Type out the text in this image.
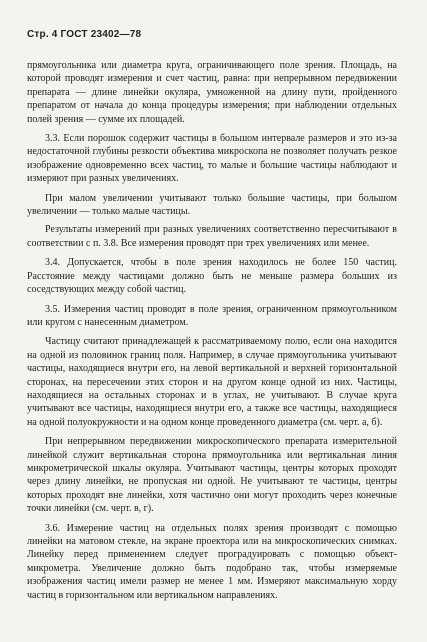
Стр. 4 ГОСТ 23402—78

прямоугольника или диаметра круга, ограничивающего поле зрения. Площадь, на которой проводят измерения и счет частиц, равна: при непрерывном передвижении препарата — длине линейки окуляра, умноженной на длину пути, пройденного препаратом от начала до конца процедуры измерения; при наблюдении отдельных полей зрения — сумме их площадей.

3.3. Если порошок содержит частицы в большом интервале размеров и это из-за недостаточной глубины резкости объектива микроскопа не позволяет получать резкое изображение одновременно всех частиц, то малые и большие частицы наблюдают и измеряют при разных увеличениях.

При малом увеличении учитывают только большие частицы, при большом увеличении — только малые частицы.

Результаты измерений при разных увеличениях соответственно пересчитывают в соответствии с п. 3.8. Все измерения проводят при трех увеличениях или менее.

3.4. Допускается, чтобы в поле зрения находилось не более 150 частиц. Расстояние между частицами должно быть не меньше размера больших из соседствующих между собой частиц.

3.5. Измерения частиц проводят в поле зрения, ограниченном прямоугольником или кругом с нанесенным диаметром.

Частицу считают принадлежащей к рассматриваемому полю, если она находится на одной из половинок границ поля. Например, в случае прямоугольника учитывают частицы, находящиеся внутри его, на левой вертикальной и верхней горизонтальной сторонах, на пересечении этих сторон и на другом конце одной из них. Частицы, находящиеся на остальных сторонах и в углах, не учитывают. В случае круга учитывают все частицы, находящиеся внутри его, а также все частицы, находящиеся на одной полуокружности и на одном конце проведенного диаметра (см. черт. а, б).

При непрерывном передвижении микроскопического препарата измерительной линейкой служит вертикальная сторона прямоугольника или вертикальная линия микрометрической шкалы окуляра. Учитывают частицы, центры которых проходят через длину линейки, не пропуская ни одной. Не учитывают те частицы, центры которых проходят вне линейки, хотя частично они могут проходить через конечные точки линейки (см. черт. в, г).

3.6. Измерение частиц на отдельных полях зрения производят с помощью линейки на матовом стекле, на экране проектора или на микроскопических снимках. Линейку перед применением следует проградуировать с помощью объект-микрометра. Увеличение должно быть подобрано так, чтобы измеряемые изображения частиц имели размер не менее 1 мм. Измеряют максимальную хорду частиц в горизонтальном или вертикальном направлениях.
